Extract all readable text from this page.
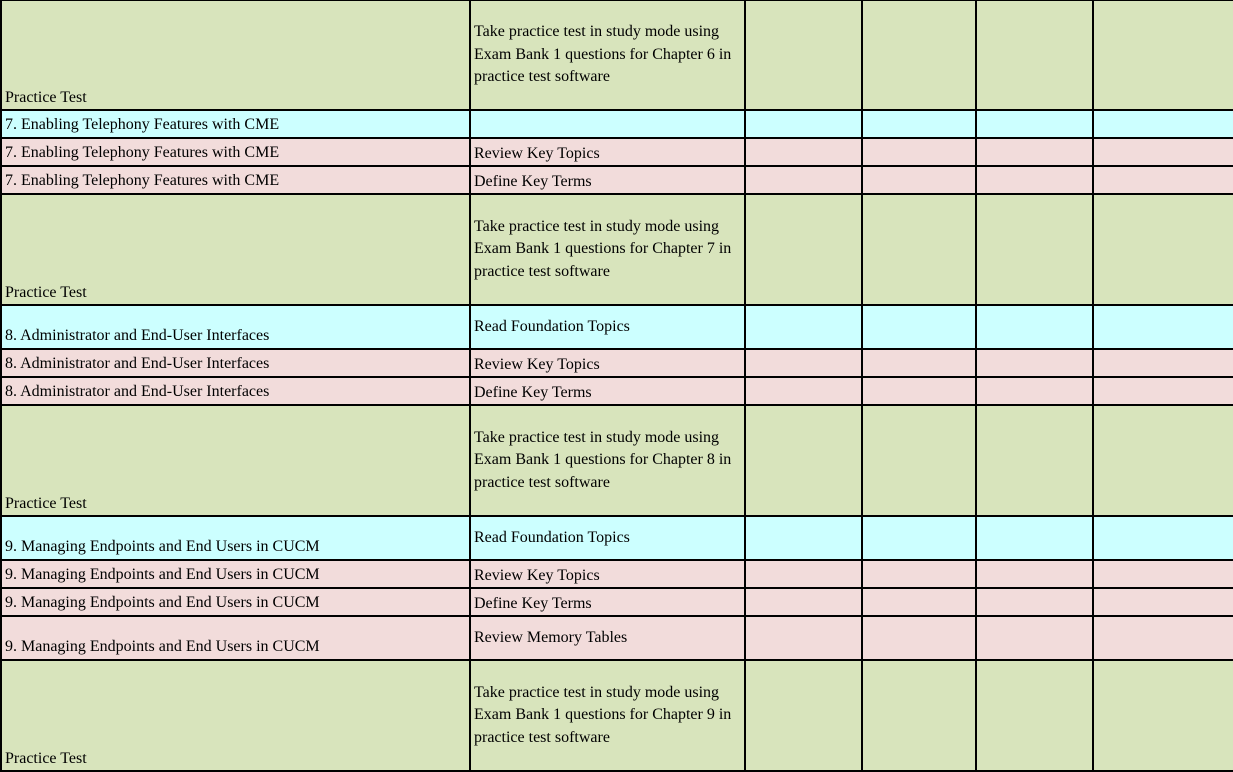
Practice Test	Take practice test in study mode using Exam Bank 1 questions for Chapter 6 in practice test software				
7. Enabling Telephony Features with CME					
7. Enabling Telephony Features with CME	Review Key Topics				
7. Enabling Telephony Features with CME	Define Key Terms				
Practice Test	Take practice test in study mode using Exam Bank 1 questions for Chapter 7 in practice test software				
8. Administrator and End-User Interfaces	Read Foundation Topics				
8. Administrator and End-User Interfaces	Review Key Topics				
8. Administrator and End-User Interfaces	Define Key Terms				
Practice Test	Take practice test in study mode using Exam Bank 1 questions for Chapter 8 in practice test software				
9. Managing Endpoints and End Users in CUCM	Read Foundation Topics				
9. Managing Endpoints and End Users in CUCM	Review Key Topics				
9. Managing Endpoints and End Users in CUCM	Define Key Terms				
9. Managing Endpoints and End Users in CUCM	Review Memory Tables				
Practice Test	Take practice test in study mode using Exam Bank 1 questions for Chapter 9 in practice test software				
